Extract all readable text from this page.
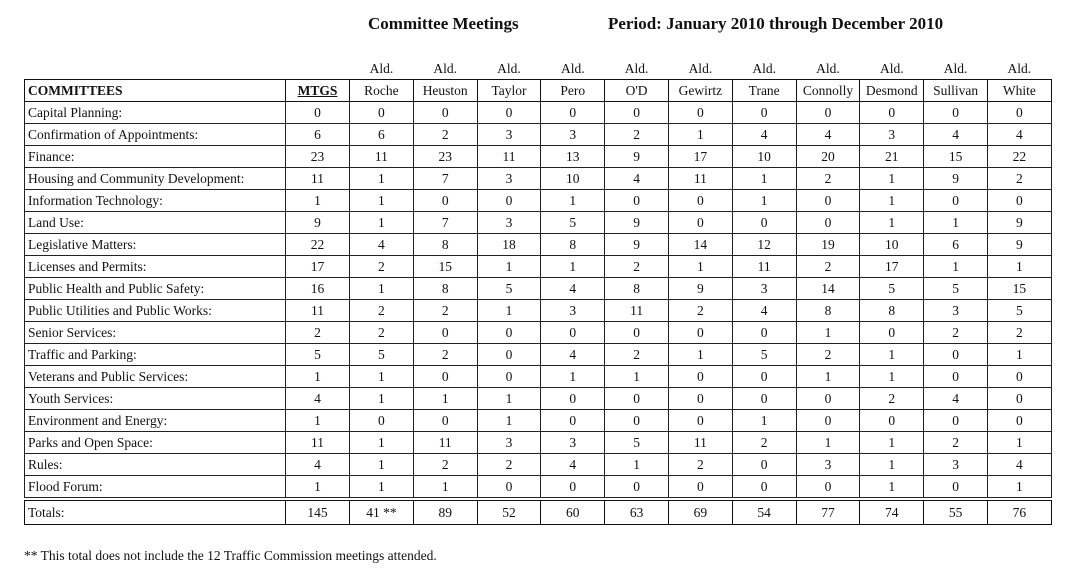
Committee Meetings	Period: January 2010 through December 2010
		Ald.	Ald.	Ald.	Ald.	Ald.	Ald.	Ald.	Ald.	Ald.	Ald.	Ald.
COMMITTEES	MTGS	Roche	Heuston	Taylor	Pero	O'D	Gewirtz	Trane	Connolly	Desmond	Sullivan	White
Capital Planning:	0	0	0	0	0	0	0	0	0	0	0	0
Confirmation of Appointments:	6	6	2	3	3	2	1	4	4	3	4	4
Finance:	23	11	23	11	13	9	17	10	20	21	15	22
Housing and Community Development:	11	1	7	3	10	4	11	1	2	1	9	2
Information Technology:	1	1	0	0	1	0	0	1	0	1	0	0
Land Use:	9	1	7	3	5	9	0	0	0	1	1	9
Legislative Matters:	22	4	8	18	8	9	14	12	19	10	6	9
Licenses and Permits:	17	2	15	1	1	2	1	11	2	17	1	1
Public Health and Public Safety:	16	1	8	5	4	8	9	3	14	5	5	15
Public Utilities and Public Works:	11	2	2	1	3	11	2	4	8	8	3	5
Senior Services:	2	2	0	0	0	0	0	0	1	0	2	2
Traffic and Parking:	5	5	2	0	4	2	1	5	2	1	0	1
Veterans and Public Services:	1	1	0	0	1	1	0	0	1	1	0	0
Youth Services:	4	1	1	1	0	0	0	0	0	2	4	0
Environment and Energy:	1	0	0	1	0	0	0	1	0	0	0	0
Parks and Open Space:	11	1	11	3	3	5	11	2	1	1	2	1
Rules:	4	1	2	2	4	1	2	0	3	1	3	4
Flood Forum:	1	1	1	0	0	0	0	0	0	1	0	1
Totals:	145	41 **	89	52	60	63	69	54	77	74	55	76
** This total does not include the 12 Traffic Commission meetings attended.
